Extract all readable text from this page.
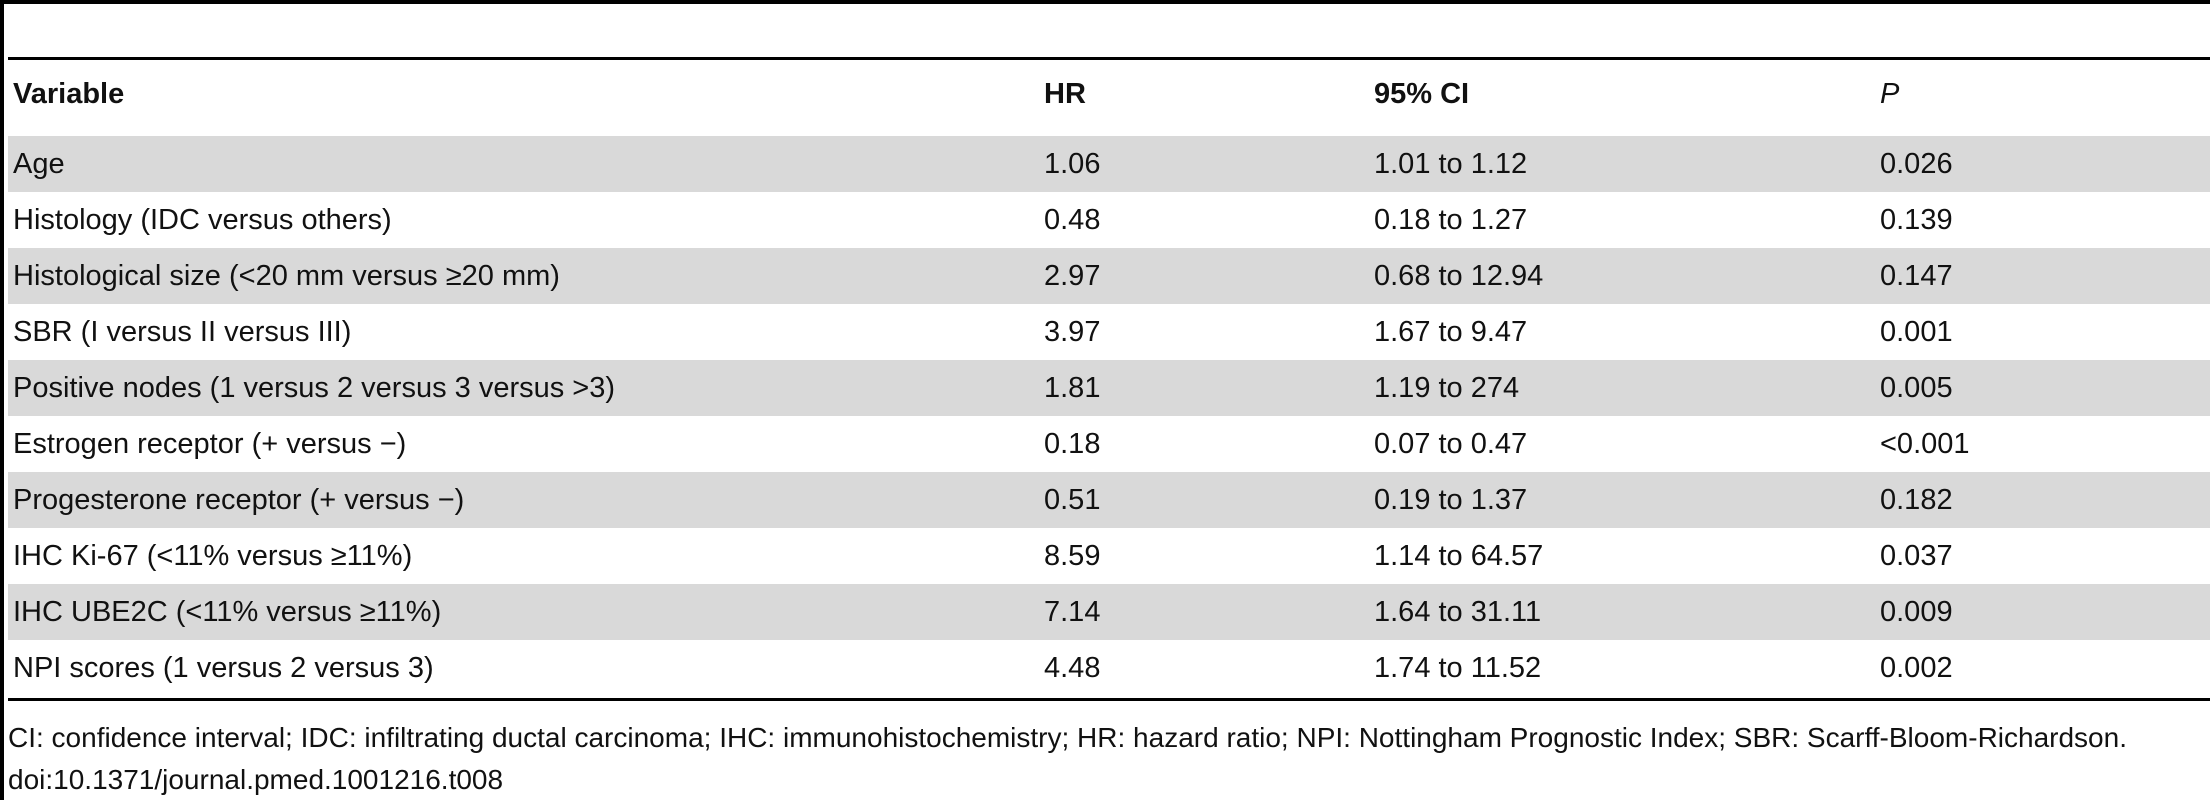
Variable	HR	95% CI	P
Age	1.06	1.01 to 1.12	0.026
Histology (IDC versus others)	0.48	0.18 to 1.27	0.139
Histological size (<20 mm versus ≥20 mm)	2.97	0.68 to 12.94	0.147
SBR (I versus II versus III)	3.97	1.67 to 9.47	0.001
Positive nodes (1 versus 2 versus 3 versus >3)	1.81	1.19 to 274	0.005
Estrogen receptor (+ versus −)	0.18	0.07 to 0.47	<0.001
Progesterone receptor (+ versus −)	0.51	0.19 to 1.37	0.182
IHC Ki-67 (<11% versus ≥11%)	8.59	1.14 to 64.57	0.037
IHC UBE2C (<11% versus ≥11%)	7.14	1.64 to 31.11	0.009
NPI scores (1 versus 2 versus 3)	4.48	1.74 to 11.52	0.002
CI: confidence interval; IDC: infiltrating ductal carcinoma; IHC: immunohistochemistry; HR: hazard ratio; NPI: Nottingham Prognostic Index; SBR: Scarff-Bloom-Richardson.
doi:10.1371/journal.pmed.1001216.t008
